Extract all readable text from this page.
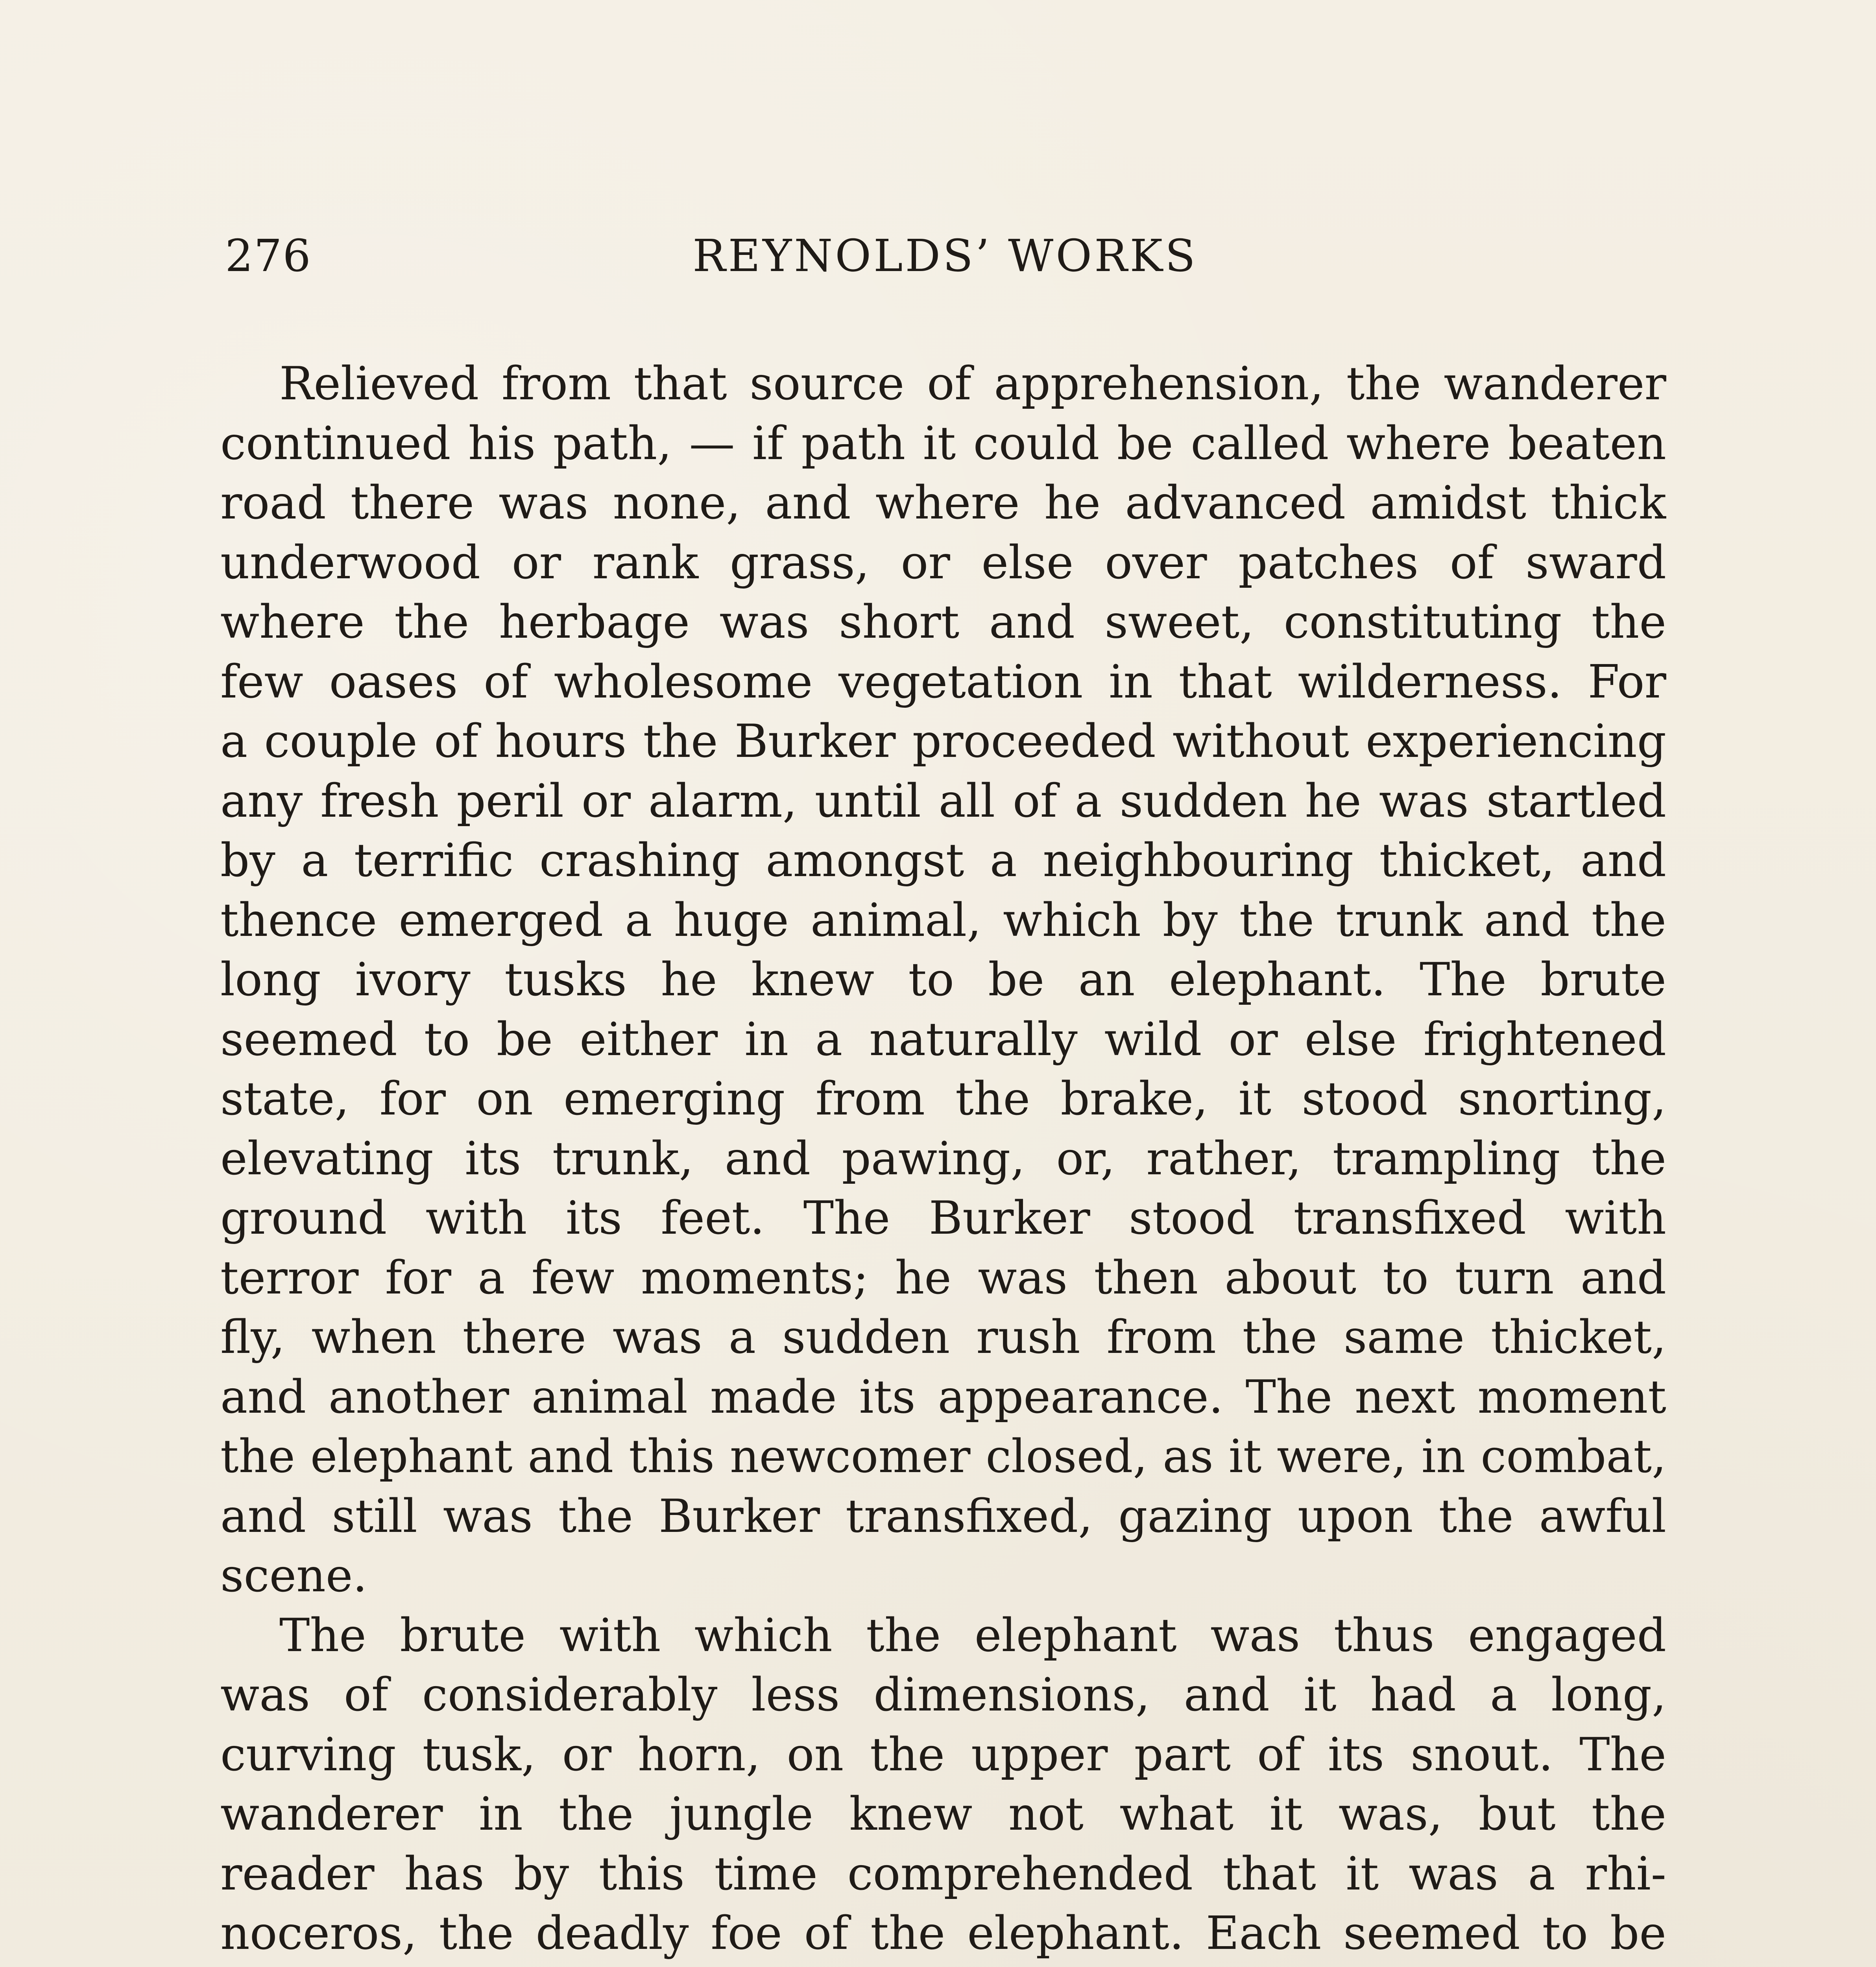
276	REYNOLDS’ WORKS
Relieved from that source of apprehension, the wanderer
continued his path, — if path it could be called where beaten
road there was none, and where he advanced amidst thick
underwood or rank grass, or else over patches of sward
where the herbage was short and sweet, constituting the
few oases of wholesome vegetation in that wilderness. For
a couple of hours the Burker proceeded without experiencing
any fresh peril or alarm, until all of a sudden he was startled
by a terrific crashing amongst a neighbouring thicket, and
thence emerged a huge animal, which by the trunk and the
long ivory tusks he knew to be an elephant. The brute
seemed to be either in a naturally wild or else frightened
state, for on emerging from the brake, it stood snorting,
elevating its trunk, and pawing, or, rather, trampling the
ground with its feet. The Burker stood transfixed with
terror for a few moments; he was then about to turn and
fly, when there was a sudden rush from the same thicket,
and another animal made its appearance. The next moment
the elephant and this newcomer closed, as it were, in combat,
and still was the Burker transfixed, gazing upon the awful
scene.
The brute with which the elephant was thus engaged
was of considerably less dimensions, and it had a long,
curving tusk, or horn, on the upper part of its snout. The
wanderer in the jungle knew not what it was, but the
reader has by this time comprehended that it was a rhi-
noceros, the deadly foe of the elephant. Each seemed to be
